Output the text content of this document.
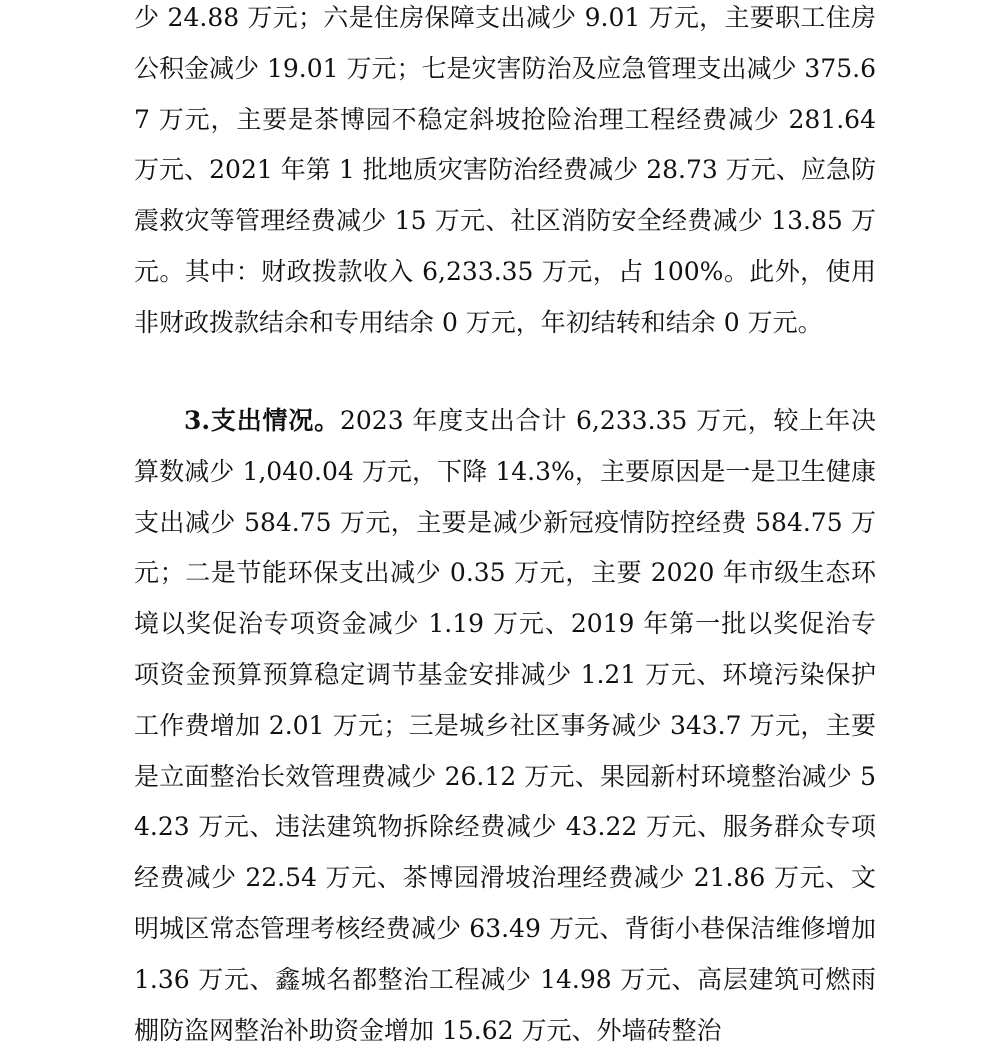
少 24.88 万元；六是住房保障支出减少 9.01 万元，主要职工住房公积金减少 19.01 万元；七是灾害防治及应急管理支出减少 375.67 万元，主要是茶博园不稳定斜坡抢险治理工程经费减少 281.64 万元、2021 年第 1 批地质灾害防治经费减少 28.73 万元、应急防震救灾等管理经费减少 15 万元、社区消防安全经费减少 13.85 万元。其中：财政拨款收入 6,233.35 万元，占 100%。此外，使用非财政拨款结余和专用结余 0 万元，年初结转和结余 0 万元。
3.支出情况。2023 年度支出合计 6,233.35 万元，较上年决算数减少 1,040.04 万元，下降 14.3%，主要原因是一是卫生健康支出减少 584.75 万元，主要是减少新冠疫情防控经费 584.75 万元；二是节能环保支出减少 0.35 万元，主要 2020 年市级生态环境以奖促治专项资金减少 1.19 万元、2019 年第一批以奖促治专项资金预算预算稳定调节基金安排减少 1.21 万元、环境污染保护工作费增加 2.01 万元；三是城乡社区事务减少 343.7 万元，主要是立面整治长效管理费减少 26.12 万元、果园新村环境整治减少 54.23 万元、违法建筑物拆除经费减少 43.22 万元、服务群众专项经费减少 22.54 万元、茶博园滑坡治理经费减少 21.86 万元、文明城区常态管理考核经费减少 63.49 万元、背街小巷保洁维修增加 1.36 万元、鑫城名都整治工程减少 14.98 万元、高层建筑可燃雨棚防盗网整治补助资金增加 15.62 万元、外墙砖整治
